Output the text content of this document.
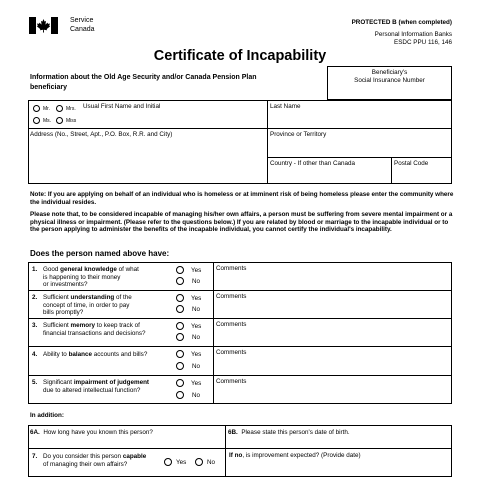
Service
Canada
PROTECTED B (when completed)
Personal Information Banks
ESDC PPU 116, 146
Certificate of Incapability
Information about the Old Age Security and/or Canada Pension Plan
beneficiary
Beneficiary's
Social Insurance Number
Mr.	Mrs.
Ms.	Miss
Usual First Name and Initial	Last Name
Address (No., Street, Apt., P.O. Box, R.R. and City)	Province or Territory
Country - If other than Canada	Postal Code
Note: If you are applying on behalf of an individual who is homeless or at imminent risk of being homeless please enter the community where the individual resides.
Please note that, to be considered incapable of managing his/her own affairs, a person must be suffering from severe mental impairment or a physical illness or impairment. (Please refer to the questions below.) If you are related by blood or marriage to the incapable individual or to the person applying to administer the benefits of the incapable individual, you cannot certify the individual's incapability.
Does the person named above have:
1. Good general knowledge of what
is happening to their money
or investments?
Yes
No
Comments
2. Sufficient understanding of the
concept of time, in order to pay
bills promptly?
Yes
No
Comments
3. Sufficient memory to keep track of
financial transactions and decisions?
Yes
No
Comments
4. Ability to balance accounts and bills?	Yes
No
Comments
5. Significant impairment of judgement
due to altered intellectual function?
Yes
No
Comments
In addition:
6A. How long have you known this person?	6B. Please state this person's date of birth.
7. Do you consider this person capable
of managing their own affairs?	Yes	No
If no, is improvement expected? (Provide date)
